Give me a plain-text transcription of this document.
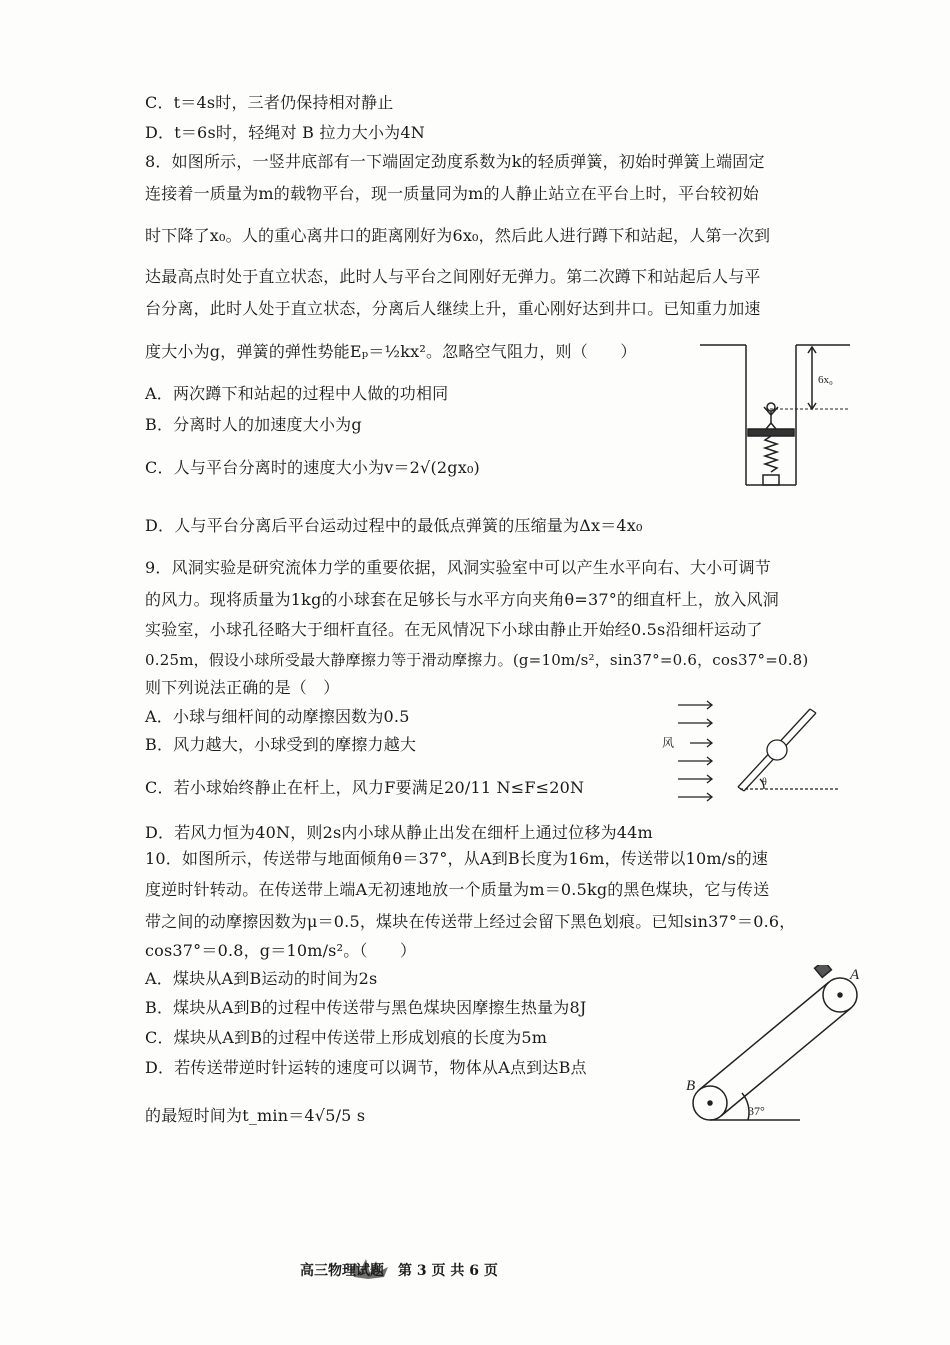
C．t＝4s时，三者仍保持相对静止
D．t＝6s时，轻绳对 B 拉力大小为4N
8．如图所示，一竖井底部有一下端固定劲度系数为k的轻质弹簧，初始时弹簧上端固定
连接着一质量为m的载物平台，现一质量同为m的人静止站立在平台上时，平台较初始
时下降了x₀。人的重心离井口的距离刚好为6x₀，然后此人进行蹲下和站起，人第一次到
达最高点时处于直立状态，此时人与平台之间刚好无弹力。第二次蹲下和站起后人与平
台分离，此时人处于直立状态，分离后人继续上升，重心刚好达到井口。已知重力加速
度大小为g，弹簧的弹性势能Eₚ＝½kx²。忽略空气阻力，则（　　）
A．两次蹲下和站起的过程中人做的功相同
B．分离时人的加速度大小为g
C．人与平台分离时的速度大小为v＝2√(2gx₀)
D．人与平台分离后平台运动过程中的最低点弹簧的压缩量为Δx＝4x₀
6x₀
9．风洞实验是研究流体力学的重要依据，风洞实验室中可以产生水平向右、大小可调节
的风力。现将质量为1kg的小球套在足够长与水平方向夹角θ=37°的细直杆上，放入风洞
实验室，小球孔径略大于细杆直径。在无风情况下小球由静止开始经0.5s沿细杆运动了
0.25m，假设小球所受最大静摩擦力等于滑动摩擦力。(g=10m/s²，sin37°=0.6，cos37°=0.8)
则下列说法正确的是（　）
A．小球与细杆间的动摩擦因数为0.5
B．风力越大，小球受到的摩擦力越大
C．若小球始终静止在杆上，风力F要满足20/11 N≤F≤20N
D．若风力恒为40N，则2s内小球从静止出发在细杆上通过位移为44m
风
θ
10．如图所示，传送带与地面倾角θ＝37°，从A到B长度为16m，传送带以10m/s的速
度逆时针转动。在传送带上端A无初速地放一个质量为m＝0.5kg的黑色煤块，它与传送
带之间的动摩擦因数为μ＝0.5，煤块在传送带上经过会留下黑色划痕。已知sin37°＝0.6，
cos37°＝0.8，g＝10m/s²。（　　）
A．煤块从A到B运动的时间为2s
B．煤块从A到B的过程中传送带与黑色煤块因摩擦生热量为8J
C．煤块从A到B的过程中传送带上形成划痕的长度为5m
D．若传送带逆时针运转的速度可以调节，物体从A点到达B点
的最短时间为t_min＝4√5/5 s
A
B
37°
高三物理试题　第 3 页 共 6 页
